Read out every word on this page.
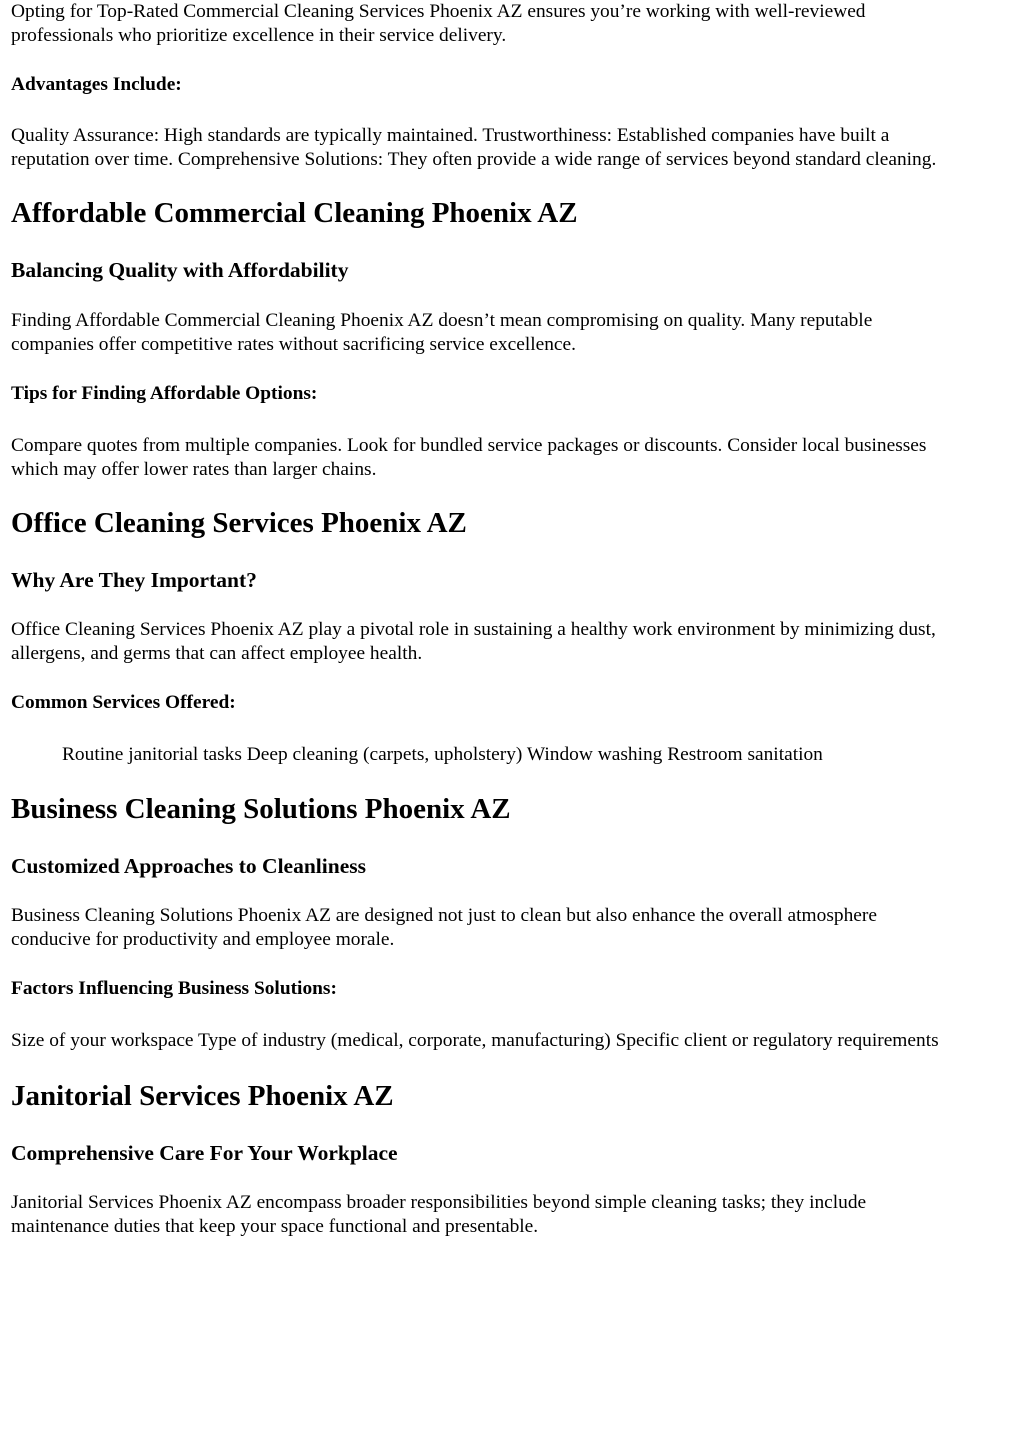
Opting for Top-Rated Commercial Cleaning Services Phoenix AZ ensures you’re working with well-reviewed
professionals who prioritize excellence in their service delivery.

Advantages Include:

Quality Assurance: High standards are typically maintained. Trustworthiness: Established companies have built a
reputation over time. Comprehensive Solutions: They often provide a wide range of services beyond standard cleaning.

Affordable Commercial Cleaning Phoenix AZ
Balancing Quality with Affordability

Finding Affordable Commercial Cleaning Phoenix AZ doesn’t mean compromising on quality. Many reputable
companies offer competitive rates without sacrificing service excellence.

Tips for Finding Affordable Options:

Compare quotes from multiple companies. Look for bundled service packages or discounts. Consider local businesses
which may offer lower rates than larger chains.

Office Cleaning Services Phoenix AZ
Why Are They Important?

Office Cleaning Services Phoenix AZ play a pivotal role in sustaining a healthy work environment by minimizing dust,
allergens, and germs that can affect employee health.

Common Services Offered:

Routine janitorial tasks Deep cleaning (carpets, upholstery) Window washing Restroom sanitation

Business Cleaning Solutions Phoenix AZ
Customized Approaches to Cleanliness

Business Cleaning Solutions Phoenix AZ are designed not just to clean but also enhance the overall atmosphere
conducive for productivity and employee morale.

Factors Influencing Business Solutions:

Size of your workspace Type of industry (medical, corporate, manufacturing) Specific client or regulatory requirements

Janitorial Services Phoenix AZ
Comprehensive Care For Your Workplace

Janitorial Services Phoenix AZ encompass broader responsibilities beyond simple cleaning tasks; they include
maintenance duties that keep your space functional and presentable.
